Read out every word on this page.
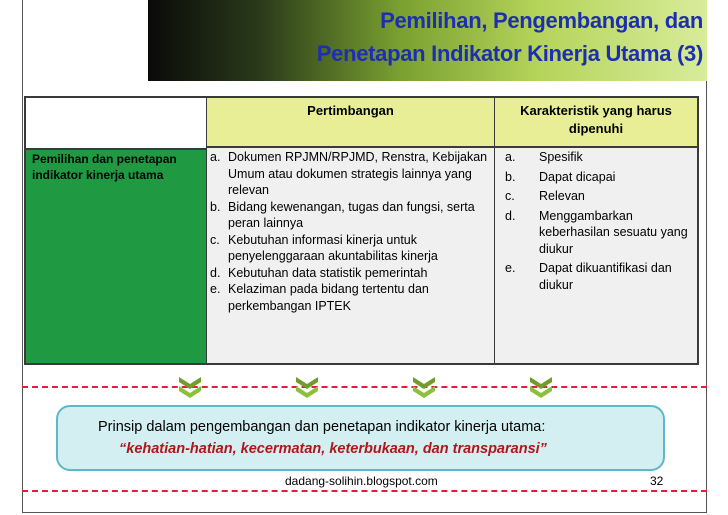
Pemilihan, Pengembangan, dan
Penetapan Indikator Kinerja Utama (3)
Pertimbangan	Karakteristik yang harus
dipenuhi
Pemilihan dan penetapan indikator kinerja utama
a. Dokumen RPJMN/RPJMD, Renstra, Kebijakan Umum atau dokumen strategis lainnya yang relevan
b. Bidang kewenangan, tugas dan fungsi, serta peran lainnya
c. Kebutuhan informasi kinerja untuk penyelenggaraan akuntabilitas kinerja
d. Kebutuhan data statistik pemerintah
e. Kelaziman pada bidang tertentu dan perkembangan IPTEK
a. Spesifik
b. Dapat dicapai
c. Relevan
d. Menggambarkan keberhasilan sesuatu yang diukur
e. Dapat dikuantifikasi dan diukur
Prinsip dalam pengembangan dan penetapan indikator kinerja utama:
“kehatian-hatian, kecermatan, keterbukaan, dan transparansi”
dadang-solihin.blogspot.com	32
